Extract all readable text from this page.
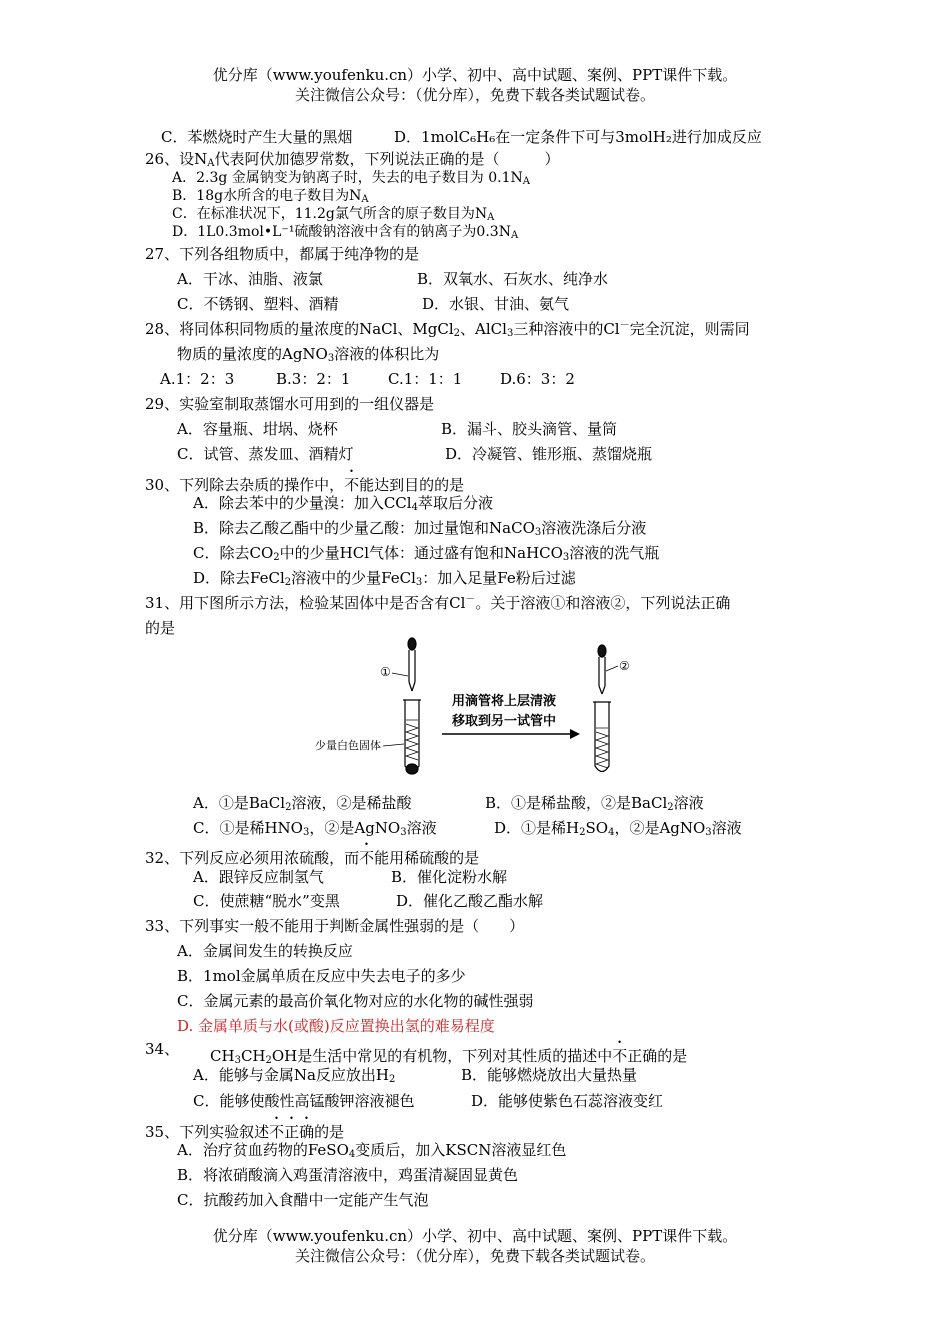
优分库（www.youfenku.cn）小学、初中、高中试题、案例、PPT课件下载。
关注微信公众号：（优分库），免费下载各类试题试卷。
C．苯燃烧时产生大量的黑烟	D．1molC₆H₆在一定条件下可与3molH₂进行加成反应
26、设$N_A$代表阿伏加德罗常数，下列说法正确的是（　　　）
A．2.3g 金属钠变为钠离子时，失去的电子数目为 $0.1N_A$
B．18g水所含的电子数目为$N_A$
C．在标准状况下，11.2g氯气所含的原子数目为$N_A$
D．1L0.3mol•L⁻¹硫酸钠溶液中含有的钠离子为$0.3N_A$
27、下列各组物质中，都属于纯净物的是
A．干冰、油脂、液氯	B．双氧水、石灰水、纯净水
C．不锈钢、塑料、酒精	D．水银、甘油、氨气
28、将同体积同物质的量浓度的NaCl、MgCl$_2$、AlCl$_3$三种溶液中的Cl－完全沉淀，则需同
物质的量浓度的AgNO$_3$溶液的体积比为
A.1：2：3	B.3：2：1	C.1：1：1	D.6：3：2
29、实验室制取蒸馏水可用到的一组仪器是
A．容量瓶、坩埚、烧杯	B．漏斗、胶头滴管、量筒
C．试管、蒸发皿、酒精灯	D．冷凝管、锥形瓶、蒸馏烧瓶
30、下列除去杂质的操作中，不能达到目的的是
A．除去苯中的少量溴：加入CCl$_4$萃取后分液
B．除去乙酸乙酯中的少量乙酸：加过量饱和NaCO$_3$溶液洗涤后分液
C．除去$CO_2$中的少量HCl气体：通过盛有饱和NaHCO$_3$溶液的洗气瓶
D．除去FeCl$_2$溶液中的少量FeCl$_3$：加入足量Fe粉后过滤
31、用下图所示方法，检验某固体中是否含有Cl－。关于溶液①和溶液②，下列说法正确
的是
①
少量白色固体
用滴管将上层清液
移取到另一试管中
②
A．①是BaCl$_2$溶液，②是稀盐酸	B．①是稀盐酸，②是BaCl$_2$溶液
C．①是稀$HNO_3$，②是AgNO$_3$溶液	D．①是稀$H_2SO_4$，②是AgNO$_3$溶液
32、下列反应必须用浓硫酸，而不能用稀硫酸的是
A．跟锌反应制氢气	B．催化淀粉水解
C．使蔗糖“脱水”变黑	D．催化乙酸乙酯水解
33、下列事实一般不能用于判断金属性强弱的是（　　）
A．金属间发生的转换反应
B．1mol金属单质在反应中失去电子的多少
C．金属元素的最高价氧化物对应的水化物的碱性强弱
D. 金属单质与水(或酸)反应置换出氢的难易程度
34、 $CH_3CH_2OH$是生活中常见的有机物，下列对其性质的描述中不正确的是
A．能够与金属Na反应放出$H_2$	B．能够燃烧放出大量热量
C．能够使酸性高锰酸钾溶液褪色	D．能够使紫色石蕊溶液变红
35、下列实验叙述不正确的是
A．治疗贫血药物的FeSO$_4$变质后，加入KSCN溶液显红色
B．将浓硝酸滴入鸡蛋清溶液中，鸡蛋清凝固显黄色
C．抗酸药加入食醋中一定能产生气泡
优分库（www.youfenku.cn）小学、初中、高中试题、案例、PPT课件下载。
关注微信公众号：（优分库），免费下载各类试题试卷。
